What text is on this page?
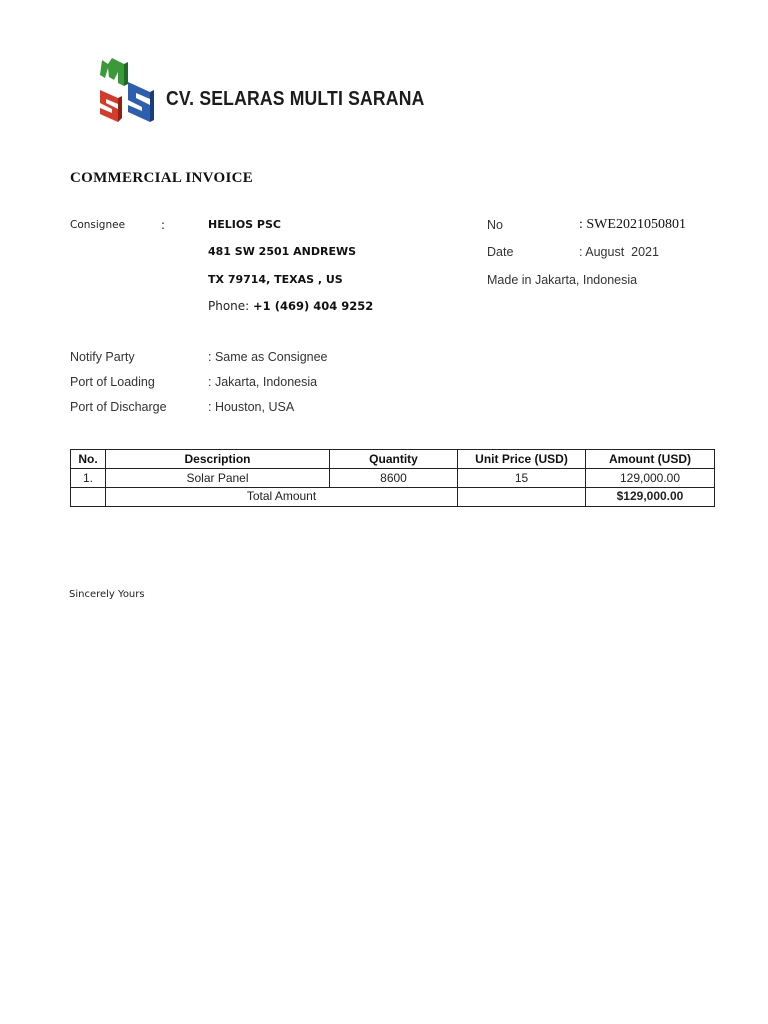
CV. SELARAS MULTI SARANA
COMMERCIAL INVOICE
Consignee	:	HELIOS PSC
481 SW 2501 ANDREWS
TX 79714, TEXAS , US
Phone: +1 (469) 404 9252
No	: SWE2021050801
Date	: August  2021
Made in Jakarta, Indonesia
Notify Party	: Same as Consignee
Port of Loading	: Jakarta, Indonesia
Port of Discharge	: Houston, USA
No.	Description	Quantity	Unit Price (USD)	Amount (USD)
1.	Solar Panel	8600	15	129,000.00
	Total Amount			$129,000.00
Sincerely Yours
